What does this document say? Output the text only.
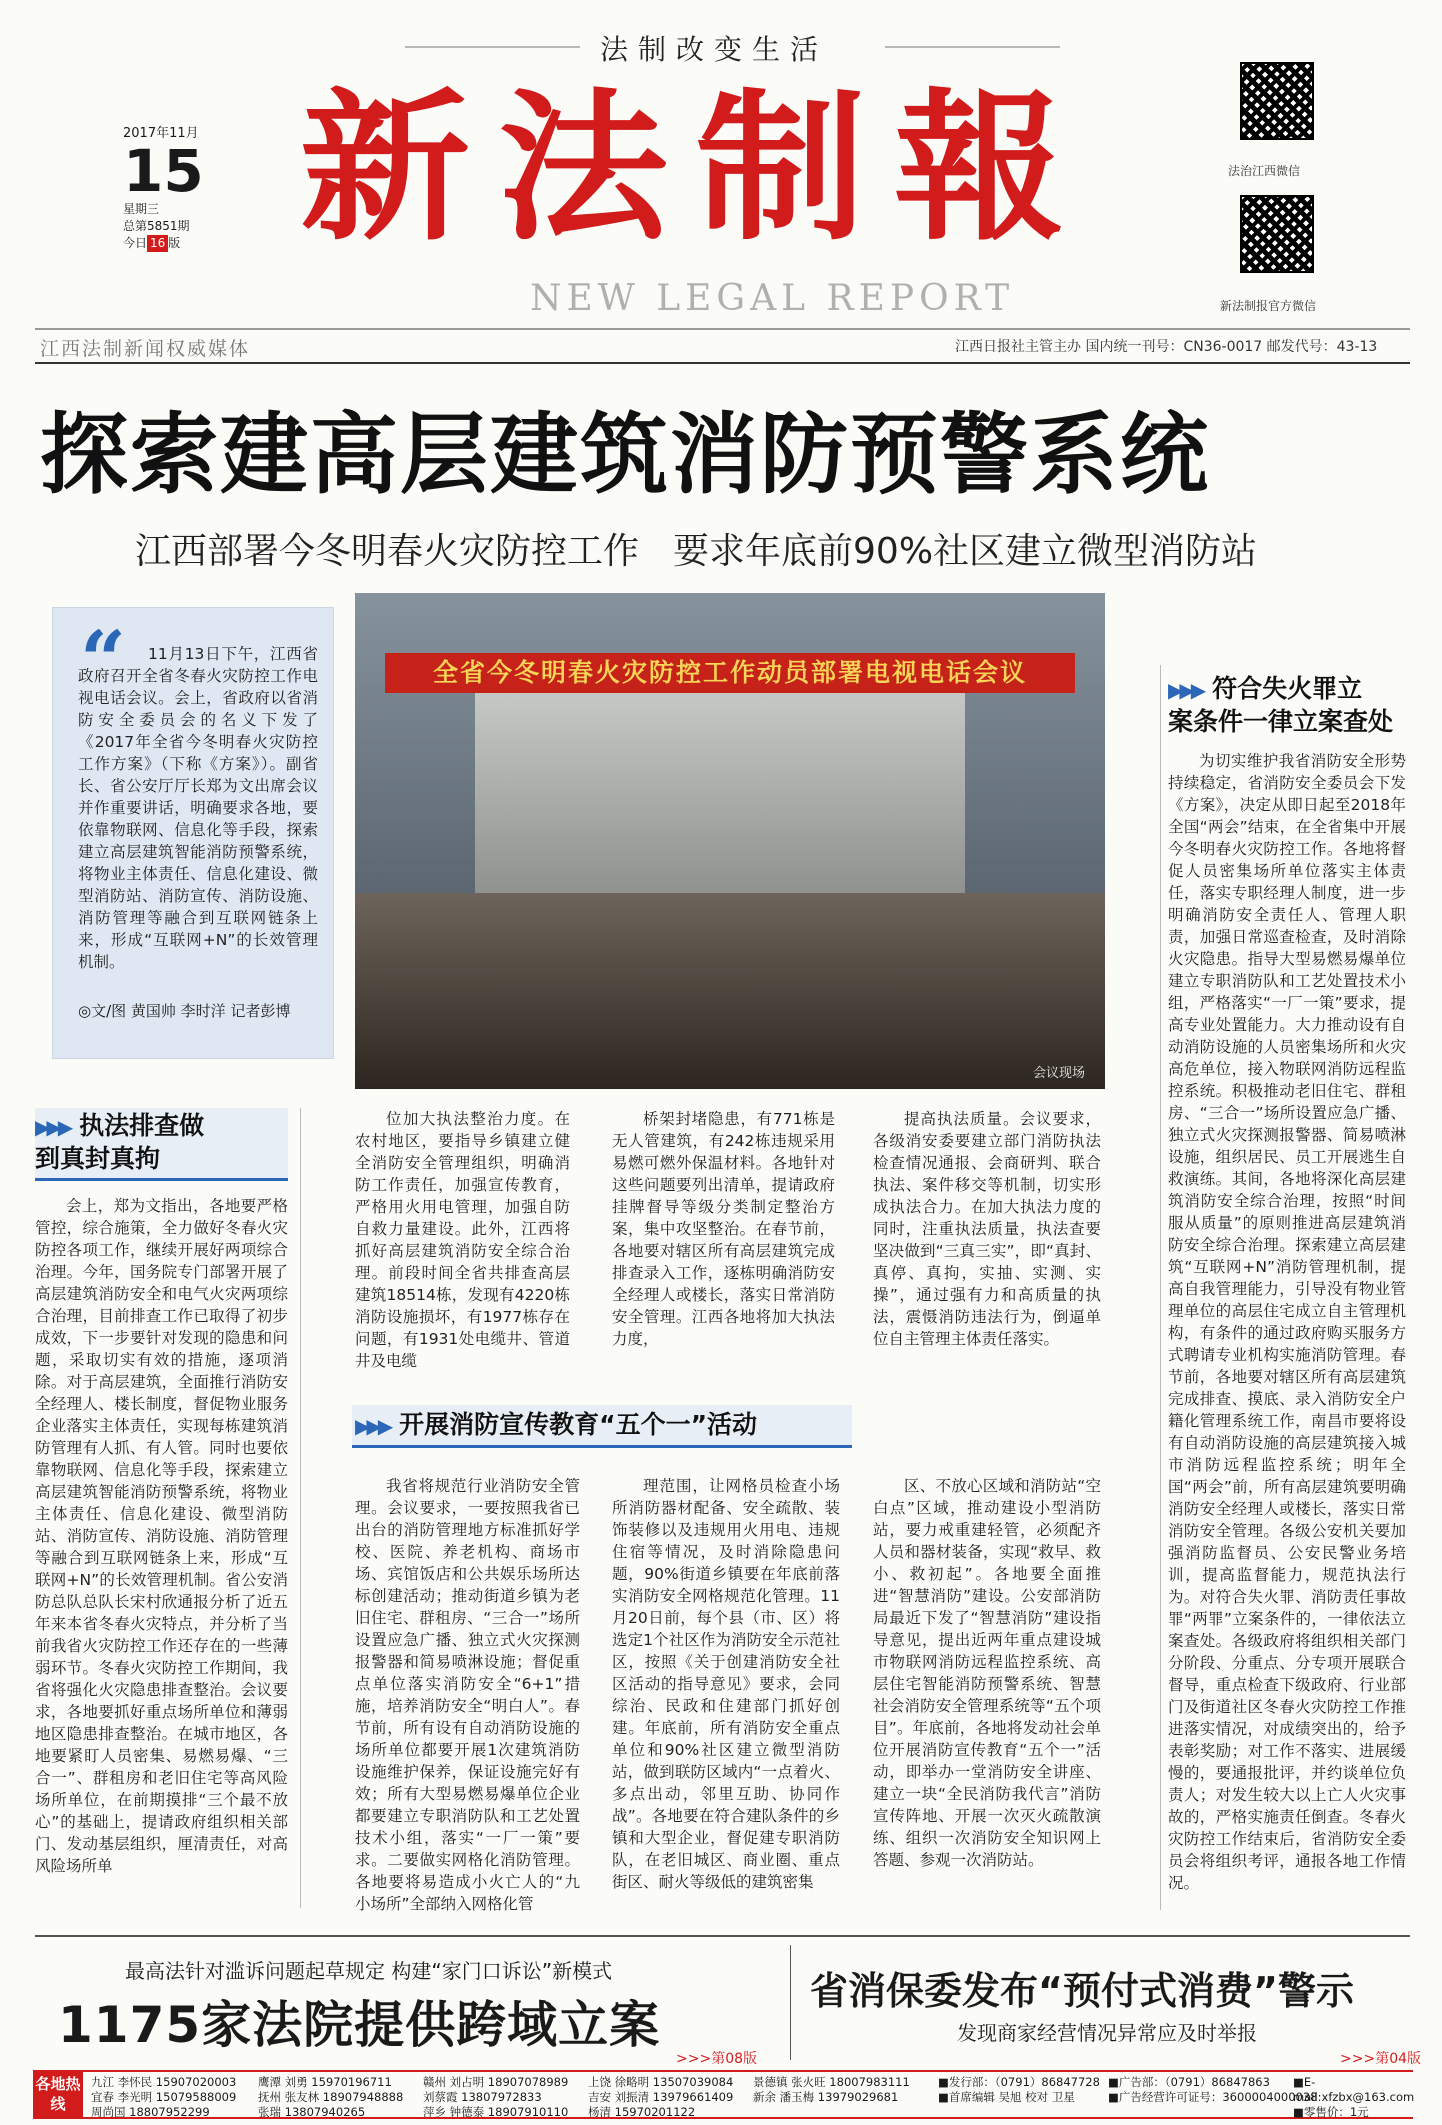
法制改变生活
新法制報
NEW LEGAL REPORT
2017年11月
15
星期三
总第5851期
今日 16 版
法治江西微信
新法制报官方微信
江西法制新闻权威媒体	江西日报社主管主办 国内统一刊号：CN36-0017 邮发代号：43-13
探索建高层建筑消防预警系统
江西部署今冬明春火灾防控工作 要求年底前90%社区建立微型消防站
“	11月13日下午，江西省政府召开全省冬春火灾防控工作电视电话会议。会上，省政府以省消防安全委员会的名义下发了《2017年全省今冬明春火灾防控工作方案》（下称《方案》）。副省长、省公安厅厅长郑为文出席会议并作重要讲话，明确要求各地，要依靠物联网、信息化等手段，探索建立高层建筑智能消防预警系统，将物业主体责任、信息化建设、微型消防站、消防宣传、消防设施、消防管理等融合到互联网链条上来，形成“互联网+N”的长效管理机制。
◎文/图 黄国帅 李时洋 记者彭博
全省今冬明春火灾防控工作动员部署电视电话会议
会议现场
▶▶▶ 执法排查做
到真封真拘

会上，郑为文指出，各地要严格管控，综合施策，全力做好冬春火灾防控各项工作，继续开展好两项综合治理。今年，国务院专门部署开展了高层建筑消防安全和电气火灾两项综合治理，目前排查工作已取得了初步成效，下一步要针对发现的隐患和问题，采取切实有效的措施，逐项消除。对于高层建筑，全面推行消防安全经理人、楼长制度，督促物业服务企业落实主体责任，实现每栋建筑消防管理有人抓、有人管。同时也要依靠物联网、信息化等手段，探索建立高层建筑智能消防预警系统，将物业主体责任、信息化建设、微型消防站、消防宣传、消防设施、消防管理等融合到互联网链条上来，形成“互联网+N”的长效管理机制。省公安消防总队总队长宋村欣通报分析了近五年来本省冬春火灾特点，并分析了当前我省火灾防控工作还存在的一些薄弱环节。冬春火灾防控工作期间，我省将强化火灾隐患排查整治。会议要求，各地要抓好重点场所单位和薄弱地区隐患排查整治。在城市地区，各地要紧盯人员密集、易燃易爆、“三合一”、群租房和老旧住宅等高风险场所单位，在前期摸排“三个最不放心”的基础上，提请政府组织相关部门、发动基层组织，厘清责任，对高风险场所单

位加大执法整治力度。在农村地区，要指导乡镇建立健全消防安全管理组织，明确消防工作责任，加强宣传教育，严格用火用电管理，加强自防自救力量建设。此外，江西将抓好高层建筑消防安全综合治理。前段时间全省共排查高层建筑18514栋，发现有4220栋消防设施损坏，有1977栋存在问题，有1931处电缆井、管道井及电缆

桥架封堵隐患，有771栋是无人管建筑，有242栋违规采用易燃可燃外保温材料。各地针对这些问题要列出清单，提请政府挂牌督导等级分类制定整治方案，集中攻坚整治。在春节前，各地要对辖区所有高层建筑完成排查录入工作，逐栋明确消防安全经理人或楼长，落实日常消防安全管理。江西各地将加大执法力度，

提高执法质量。会议要求，各级消安委要建立部门消防执法检查情况通报、会商研判、联合执法、案件移交等机制，切实形成执法合力。在加大执法力度的同时，注重执法质量，执法查要坚决做到“三真三实”，即“真封、真停、真拘，实抽、实测、实操”，通过强有力和高质量的执法，震慑消防违法行为，倒逼单位自主管理主体责任落实。

▶▶▶ 开展消防宣传教育“五个一”活动

我省将规范行业消防安全管理。会议要求，一要按照我省已出台的消防管理地方标准抓好学校、医院、养老机构、商场市场、宾馆饭店和公共娱乐场所达标创建活动；推动街道乡镇为老旧住宅、群租房、“三合一”场所设置应急广播、独立式火灾探测报警器和简易喷淋设施；督促重点单位落实消防安全“6+1”措施，培养消防安全“明白人”。春节前，所有设有自动消防设施的场所单位都要开展1次建筑消防设施维护保养，保证设施完好有效；所有大型易燃易爆单位企业都要建立专职消防队和工艺处置技术小组，落实“一厂一策”要求。二要做实网格化消防管理。各地要将易造成小火亡人的“九小场所”全部纳入网格化管

理范围，让网格员检查小场所消防器材配备、安全疏散、装饰装修以及违规用火用电、违规住宿等情况，及时消除隐患问题，90%街道乡镇要在年底前落实消防安全网格规范化管理。11月20日前，每个县（市、区）将选定1个社区作为消防安全示范社区，按照《关于创建消防安全社区活动的指导意见》要求，会同综治、民政和住建部门抓好创建。年底前，所有消防安全重点单位和90%社区建立微型消防站，做到联防区域内“一点着火、多点出动，邻里互助、协同作战”。各地要在符合建队条件的乡镇和大型企业，督促建专职消防队，在老旧城区、商业圈、重点街区、耐火等级低的建筑密集

区、不放心区域和消防站“空白点”区域，推动建设小型消防站，要力戒重建轻管，必须配齐人员和器材装备，实现“救早、救小、救初起”。各地要全面推进“智慧消防”建设。公安部消防局最近下发了“智慧消防”建设指导意见，提出近两年重点建设城市物联网消防远程监控系统、高层住宅智能消防预警系统、智慧社会消防安全管理系统等“五个项目”。年底前，各地将发动社会单位开展消防宣传教育“五个一”活动，即举办一堂消防安全讲座、建立一块“全民消防我代言”消防宣传阵地、开展一次灭火疏散演练、组织一次消防安全知识网上答题、参观一次消防站。

▶▶▶ 符合失火罪立
案条件一律立案查处

为切实维护我省消防安全形势持续稳定，省消防安全委员会下发《方案》，决定从即日起至2018年全国“两会”结束，在全省集中开展今冬明春火灾防控工作。各地将督促人员密集场所单位落实主体责任，落实专职经理人制度，进一步明确消防安全责任人、管理人职责，加强日常巡查检查，及时消除火灾隐患。指导大型易燃易爆单位建立专职消防队和工艺处置技术小组，严格落实“一厂一策”要求，提高专业处置能力。大力推动设有自动消防设施的人员密集场所和火灾高危单位，接入物联网消防远程监控系统。积极推动老旧住宅、群租房、“三合一”场所设置应急广播、独立式火灾探测报警器、简易喷淋设施，组织居民、员工开展逃生自救演练。其间，各地将深化高层建筑消防安全综合治理，按照“时间服从质量”的原则推进高层建筑消防安全综合治理。探索建立高层建筑“互联网+N”消防管理机制，提高自我管理能力，引导没有物业管理单位的高层住宅成立自主管理机构，有条件的通过政府购买服务方式聘请专业机构实施消防管理。春节前，各地要对辖区所有高层建筑完成排查、摸底、录入消防安全户籍化管理系统工作，南昌市要将设有自动消防设施的高层建筑接入城市消防远程监控系统；明年全国“两会”前，所有高层建筑要明确消防安全经理人或楼长，落实日常消防安全管理。各级公安机关要加强消防监督员、公安民警业务培训，提高监督能力，规范执法行为。对符合失火罪、消防责任事故罪“两罪”立案条件的，一律依法立案查处。各级政府将组织相关部门分阶段、分重点、分专项开展联合督导，重点检查下级政府、行业部门及街道社区冬春火灾防控工作推进落实情况，对成绩突出的，给予表彰奖励；对工作不落实、进展缓慢的，要通报批评，并约谈单位负责人；对发生较大以上亡人火灾事故的，严格实施责任倒查。冬春火灾防控工作结束后，省消防安全委员会将组织考评，通报各地工作情况。

最高法针对滥诉问题起草规定 构建“家门口诉讼”新模式
1175家法院提供跨域立案
>>>第08版
省消保委发布“预付式消费”警示
发现商家经营情况异常应及时举报
>>>第04版
各地热线
九江 李怀民 15907020003
宜春 李光明 15079588009
周尚国 18807952299
鹰潭 刘勇 15970196711
抚州 张友林 18907948888
张瑞 13807940265
赣州 刘占明 18907078989
刘蔡霞 13807972833
萍乡 钟德泰 18907910110
上饶 徐略明 13507039084
吉安 刘振清 13979661409
杨清 15970201122
景德镇 张火旺 18007983111
新余 潘玉梅 13979029681
■发行部：（0791）86847728
■首席编辑 吴旭 校对 卫星
■广告部：（0791）86847863
■广告经营许可证号：3600004000038
■E-mail:xfzbx@163.com
■零售价：1元
